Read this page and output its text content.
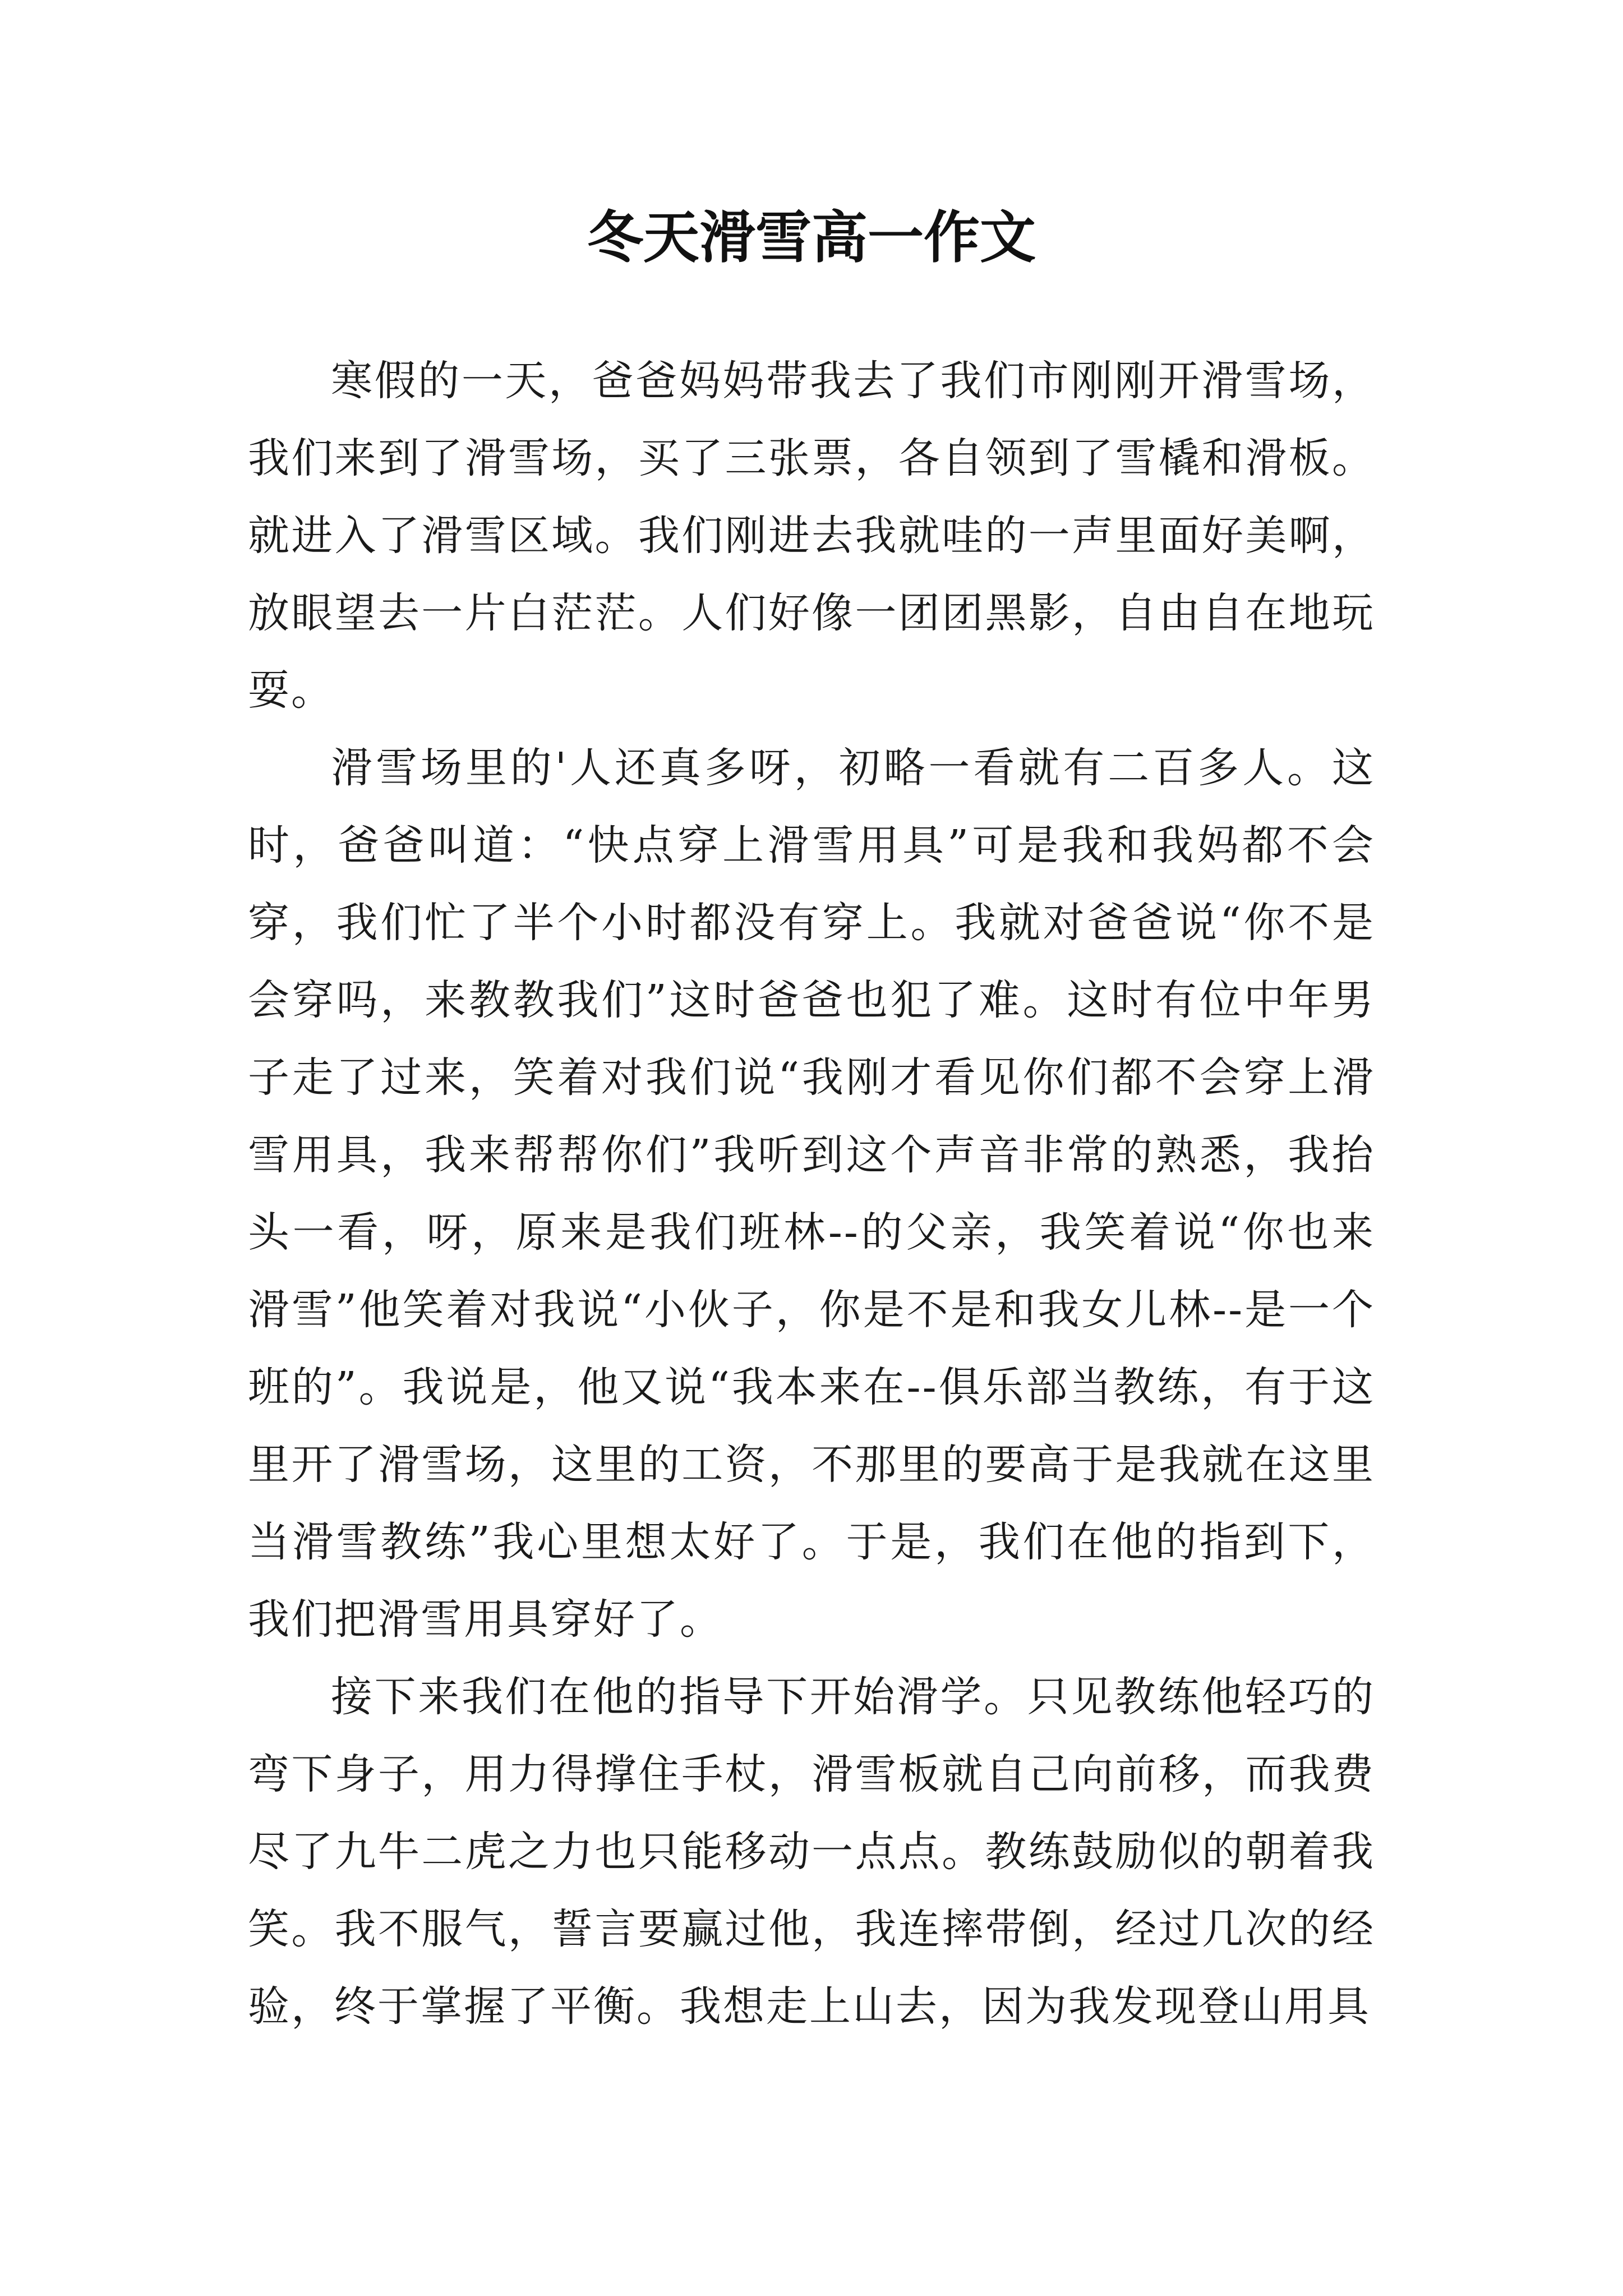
冬天滑雪高一作文

寒假的一天，爸爸妈妈带我去了我们市刚刚开滑雪场，我们来到了滑雪场，买了三张票，各自领到了雪橇和滑板。就进入了滑雪区域。我们刚进去我就哇的一声里面好美啊，放眼望去一片白茫茫。人们好像一团团黑影，自由自在地玩耍。

滑雪场里的'人还真多呀，初略一看就有二百多人。这时，爸爸叫道：“快点穿上滑雪用具”可是我和我妈都不会穿，我们忙了半个小时都没有穿上。我就对爸爸说“你不是会穿吗，来教教我们”这时爸爸也犯了难。这时有位中年男子走了过来，笑着对我们说“我刚才看见你们都不会穿上滑雪用具，我来帮帮你们”我听到这个声音非常的熟悉，我抬头一看，呀，原来是我们班林--的父亲，我笑着说“你也来滑雪”他笑着对我说“小伙子，你是不是和我女儿林--是一个班的”。我说是，他又说“我本来在--俱乐部当教练，有于这里开了滑雪场，这里的工资，不那里的要高于是我就在这里当滑雪教练”我心里想太好了。于是，我们在他的指到下，我们把滑雪用具穿好了。

接下来我们在他的指导下开始滑学。只见教练他轻巧的弯下身子，用力得撑住手杖，滑雪板就自己向前移，而我费尽了九牛二虎之力也只能移动一点点。教练鼓励似的朝着我笑。我不服气，誓言要赢过他，我连摔带倒，经过几次的经验，终于掌握了平衡。我想走上山去，因为我发现登山用具
